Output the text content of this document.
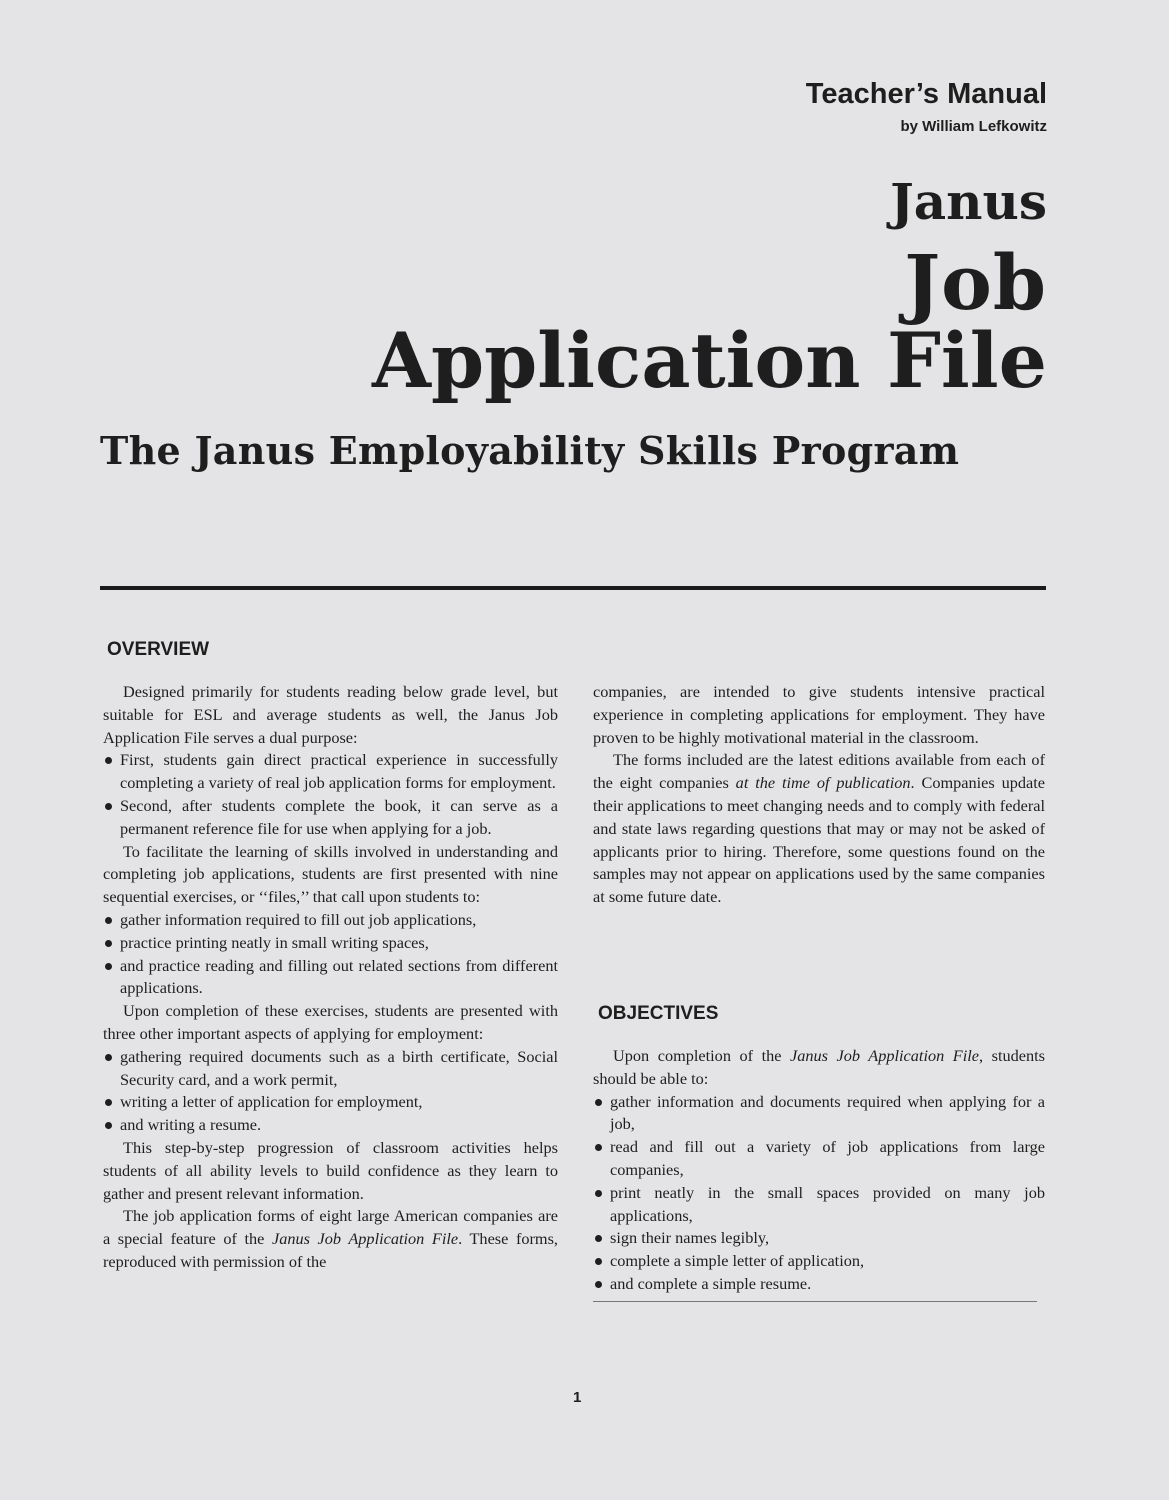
Teacher’s Manual
by William Lefkowitz
Janus
Job
Application File
The Janus Employability Skills Program
OVERVIEW

Designed primarily for students reading below grade level, but suitable for ESL and average students as well, the Janus Job Application File serves a dual purpose:

First, students gain direct practical experience in successfully completing a variety of real job application forms for employment.
Second, after students complete the book, it can serve as a permanent reference file for use when applying for a job.

To facilitate the learning of skills involved in understanding and completing job applications, students are first presented with nine sequential exercises, or ‘‘files,’’ that call upon students to:

gather information required to fill out job applications,
practice printing neatly in small writing spaces,
and practice reading and filling out related sections from different applications.

Upon completion of these exercises, students are presented with three other important aspects of applying for employment:

gathering required documents such as a birth certificate, Social Security card, and a work permit,
writing a letter of application for employment,
and writing a resume.

This step-by-step progression of classroom activities helps students of all ability levels to build confidence as they learn to gather and present relevant information.

The job application forms of eight large American companies are a special feature of the Janus Job Application File. These forms, reproduced with permission of the

companies, are intended to give students intensive practical experience in completing applications for employment. They have proven to be highly motivational material in the classroom.

The forms included are the latest editions available from each of the eight companies at the time of publication. Companies update their applications to meet changing needs and to comply with federal and state laws regarding questions that may or may not be asked of applicants prior to hiring. Therefore, some questions found on the samples may not appear on applications used by the same companies at some future date.

OBJECTIVES

Upon completion of the Janus Job Application File, students should be able to:

gather information and documents required when applying for a job,
read and fill out a variety of job applications from large companies,
print neatly in the small spaces provided on many job applications,
sign their names legibly,
complete a simple letter of application,
and complete a simple resume.
1
